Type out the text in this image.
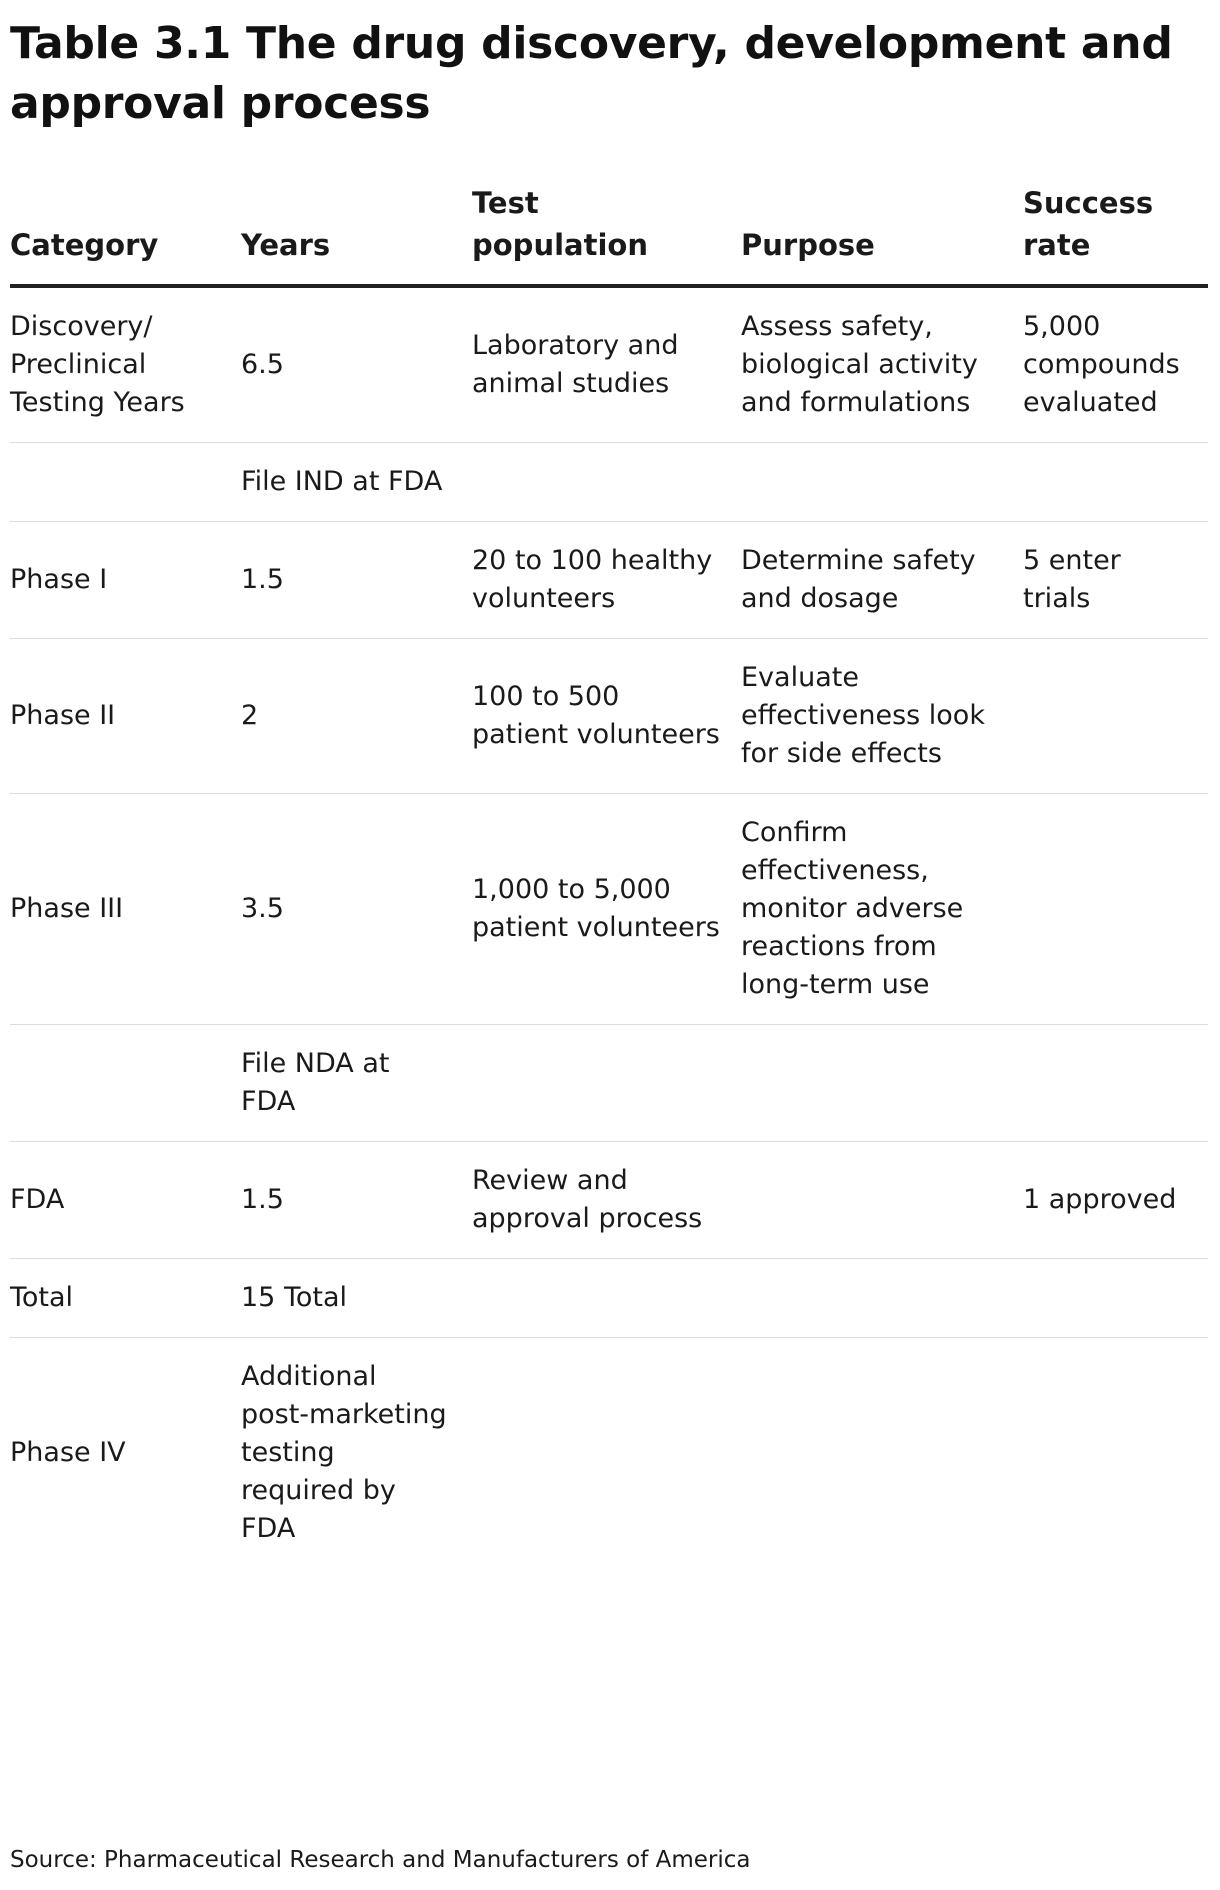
Table 3.1 The drug discovery, development and approval process
Category	Years	Test population	Purpose	Success rate
Discovery/ Preclinical Testing Years	6.5	Laboratory and animal studies	Assess safety, biological activity and formulations	5,000 compounds evaluated
	File IND at FDA			
Phase I	1.5	20 to 100 healthy volunteers	Determine safety and dosage	5 enter trials
Phase II	2	100 to 500 patient volunteers	Evaluate effectiveness look for side effects	
Phase III	3.5	1,000 to 5,000 patient volunteers	Confirm effectiveness, monitor adverse reactions from long-term use	
	File NDA at FDA			
FDA	1.5	Review and approval process		1 approved
Total	15 Total			
Phase IV	Additional post-marketing testing required by FDA			
Source: Pharmaceutical Research and Manufacturers of America
